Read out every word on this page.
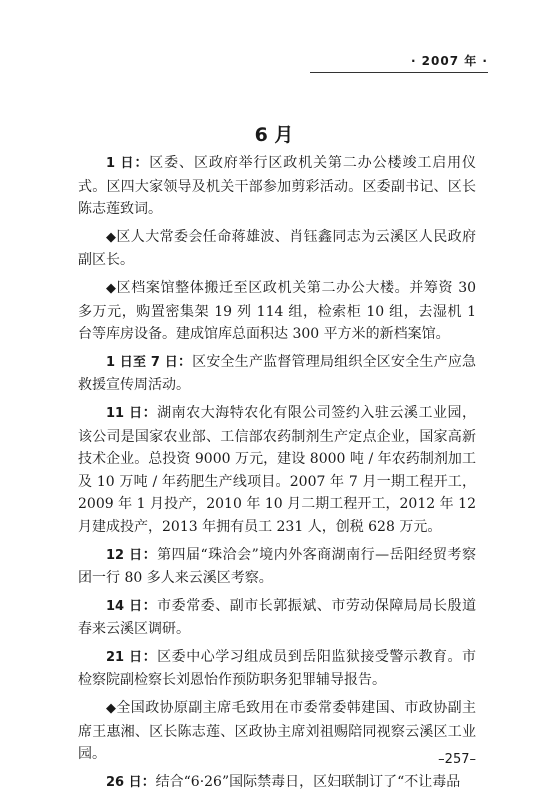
· 2007 年 ·
6 月

1 日：区委、区政府举行区政机关第二办公楼竣工启用仪式。区四大家领导及机关干部参加剪彩活动。区委副书记、区长陈志莲致词。

◆区人大常委会任命蒋雄波、肖钰鑫同志为云溪区人民政府副区长。

◆区档案馆整体搬迁至区政机关第二办公大楼。并筹资 30 多万元，购置密集架 19 列 114 组，检索柜 10 组，去湿机 1 台等库房设备。建成馆库总面积达 300 平方米的新档案馆。

1 日至 7 日：区安全生产监督管理局组织全区安全生产应急救援宣传周活动。

11 日：湖南农大海特农化有限公司签约入驻云溪工业园，该公司是国家农业部、工信部农药制剂生产定点企业，国家高新技术企业。总投资 9000 万元，建设 8000 吨 / 年农药制剂加工及 10 万吨 / 年药肥生产线项目。2007 年 7 月一期工程开工，2009 年 1 月投产，2010 年 10 月二期工程开工，2012 年 12 月建成投产，2013 年拥有员工 231 人，创税 628 万元。

12 日：第四届“珠洽会”境内外客商湖南行—岳阳经贸考察团一行 80 多人来云溪区考察。

14 日：市委常委、副市长郭振斌、市劳动保障局局长殷道春来云溪区调研。

21 日：区委中心学习组成员到岳阳监狱接受警示教育。市检察院副检察长刘恩怡作预防职务犯罪辅导报告。

◆全国政协原副主席毛致用在市委常委韩建国、市政协副主席王惠湘、区长陈志莲、区政协主席刘祖赐陪同视察云溪区工业园。

26 日：结合“6·26”国际禁毒日，区妇联制订了“不让毒品

–257–
